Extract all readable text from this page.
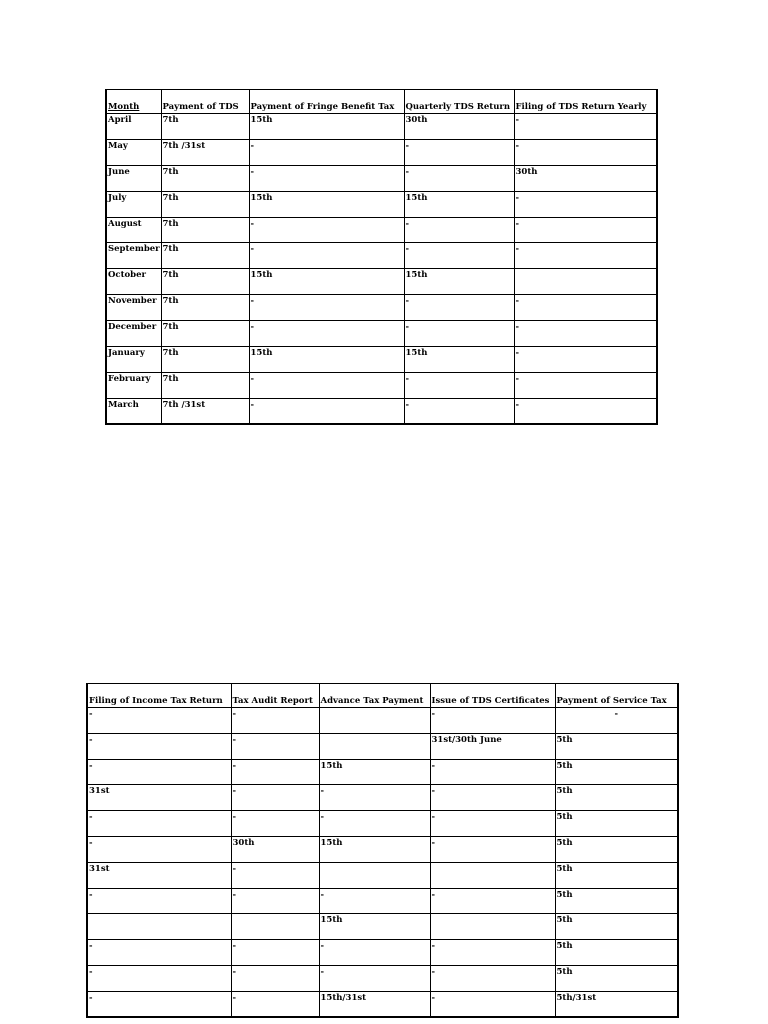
Month	Payment of TDS	Payment of Fringe Benefit Tax	Quarterly TDS Return	Filing of TDS Return Yearly
April	7th	15th	30th	-
May	7th /31st	-	-	-
June	7th	-	-	30th
July	7th	15th	15th	-
August	7th	-	-	-
September	7th	-	-	-
October	7th	15th	15th	
November	7th	-	-	-
December	7th	-	-	-
January	7th	15th	15th	-
February	7th	-	-	-
March	7th /31st	-	-	-
Filing of Income Tax Return	Tax Audit Report	Advance Tax Payment	Issue of TDS Certificates	Payment of Service Tax
-	-		-	-
-	-		31st/30th June	5th
-	-	15th	-	5th
31st	-	-	-	5th
-	-	-	-	5th
-	30th	15th	-	5th
31st	-			5th
-	-	-	-	5th
		15th		5th
-	-	-	-	5th
-	-	-	-	5th
-	-	15th/31st	-	5th/31st
